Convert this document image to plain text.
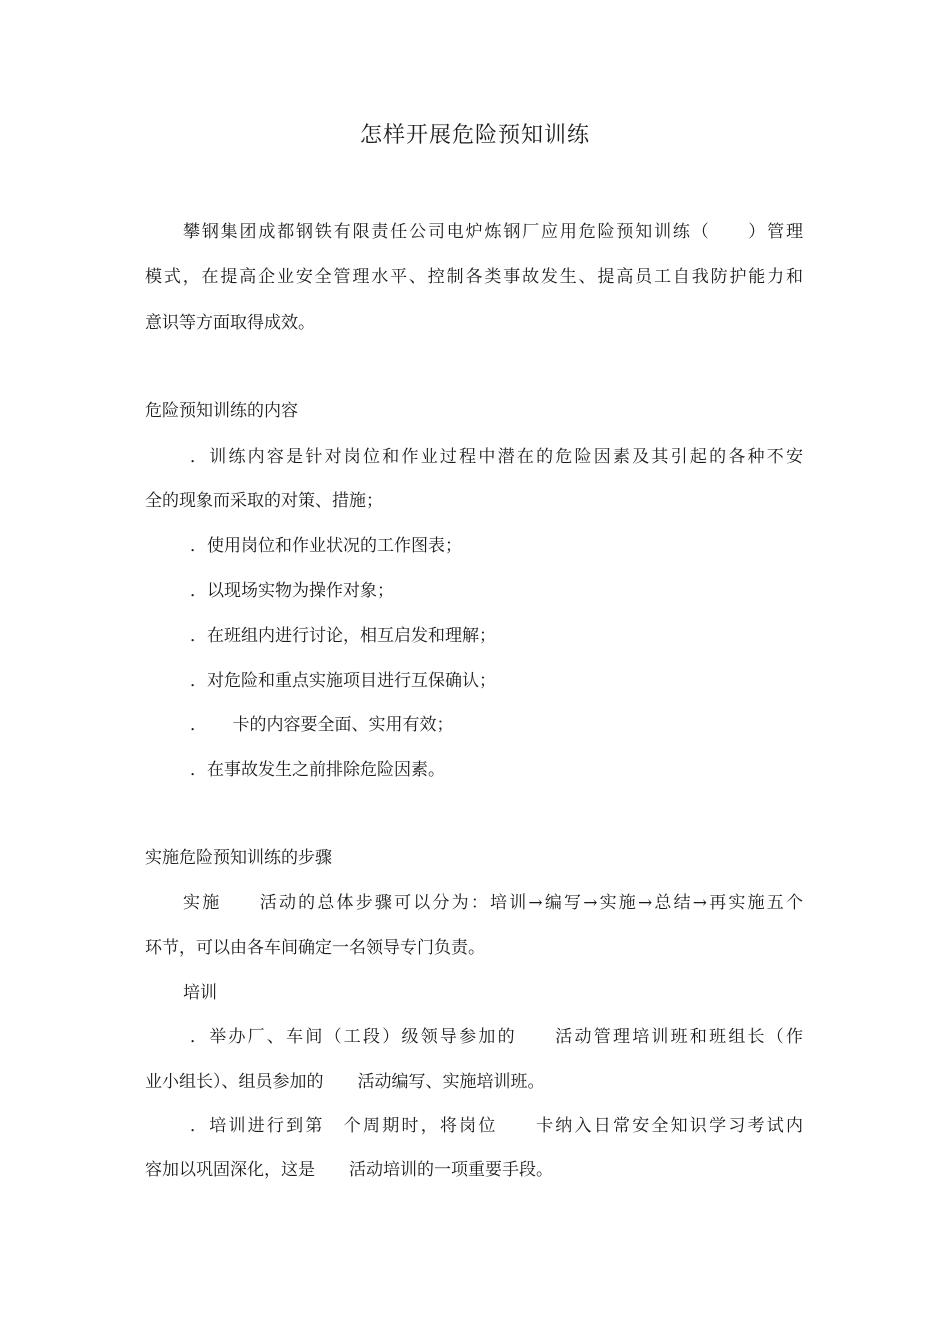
怎样开展危险预知训练
攀钢集团成都钢铁有限责任公司电炉炼钢厂应用危险预知训练（　　）管理
模式，在提高企业安全管理水平、控制各类事故发生、提高员工自我防护能力和
意识等方面取得成效。
危险预知训练的内容
．训练内容是针对岗位和作业过程中潜在的危险因素及其引起的各种不安
全的现象而采取的对策、措施；
．使用岗位和作业状况的工作图表；
．以现场实物为操作对象；
．在班组内进行讨论，相互启发和理解；
．对危险和重点实施项目进行互保确认；
．　　卡的内容要全面、实用有效；
．在事故发生之前排除危险因素。
实施危险预知训练的步骤
实施　　活动的总体步骤可以分为：培训→编写→实施→总结→再实施五个
环节，可以由各车间确定一名领导专门负责。
培训
．举办厂、车间（工段）级领导参加的　　活动管理培训班和班组长（作
业小组长）、组员参加的　　活动编写、实施培训班。
．培训进行到第　个周期时，将岗位　　卡纳入日常安全知识学习考试内
容加以巩固深化，这是　　活动培训的一项重要手段。
